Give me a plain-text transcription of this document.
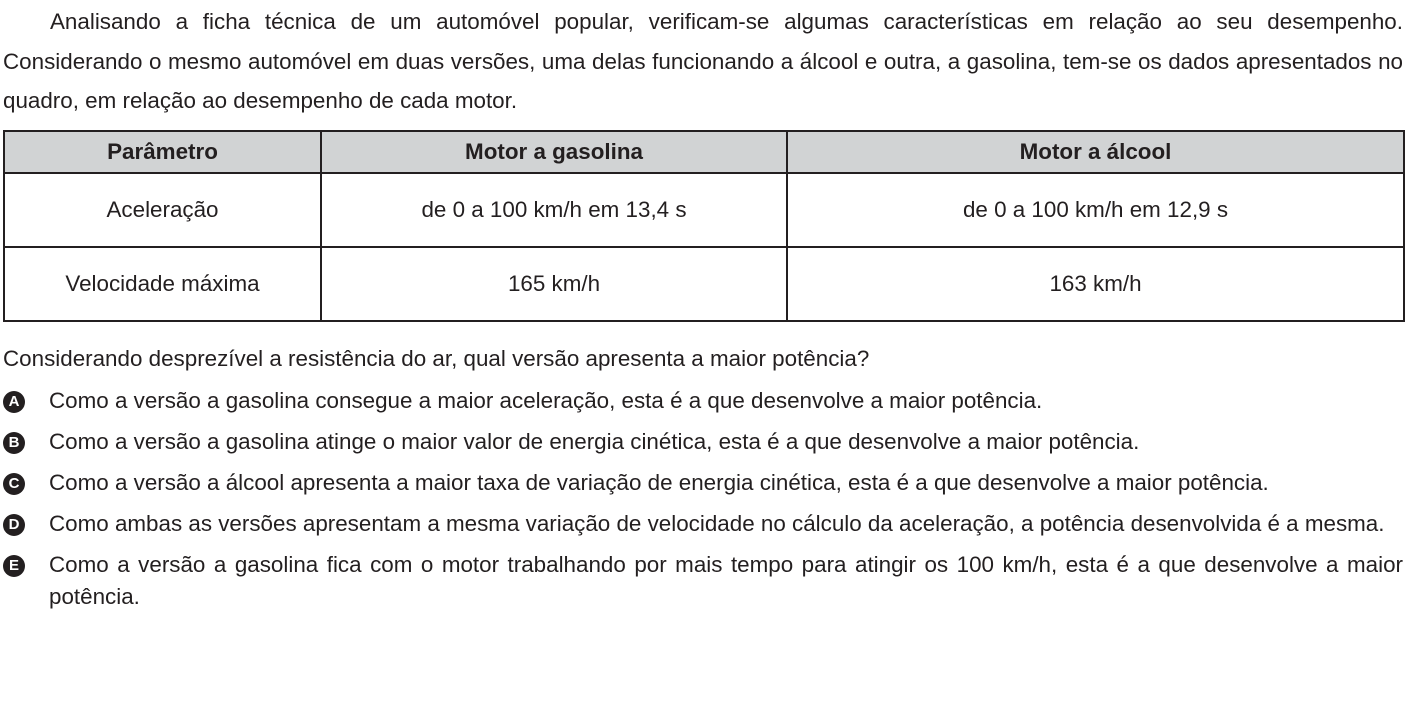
Analisando a ficha técnica de um automóvel popular, verificam-se algumas características em relação ao seu desempenho. Considerando o mesmo automóvel em duas versões, uma delas funcionando a álcool e outra, a gasolina, tem-se os dados apresentados no quadro, em relação ao desempenho de cada motor.

Parâmetro	Motor a gasolina	Motor a álcool
Aceleração	de 0 a 100 km/h em 13,4 s	de 0 a 100 km/h em 12,9 s
Velocidade máxima	165 km/h	163 km/h

Considerando desprezível a resistência do ar, qual versão apresenta a maior potência?

A Como a versão a gasolina consegue a maior aceleração, esta é a que desenvolve a maior potência.
B Como a versão a gasolina atinge o maior valor de energia cinética, esta é a que desenvolve a maior potência.
C Como a versão a álcool apresenta a maior taxa de variação de energia cinética, esta é a que desenvolve a maior potência.
D Como ambas as versões apresentam a mesma variação de velocidade no cálculo da aceleração, a potência desenvolvida é a mesma.
E Como a versão a gasolina fica com o motor trabalhando por mais tempo para atingir os 100 km/h, esta é a que desenvolve a maior potência.
